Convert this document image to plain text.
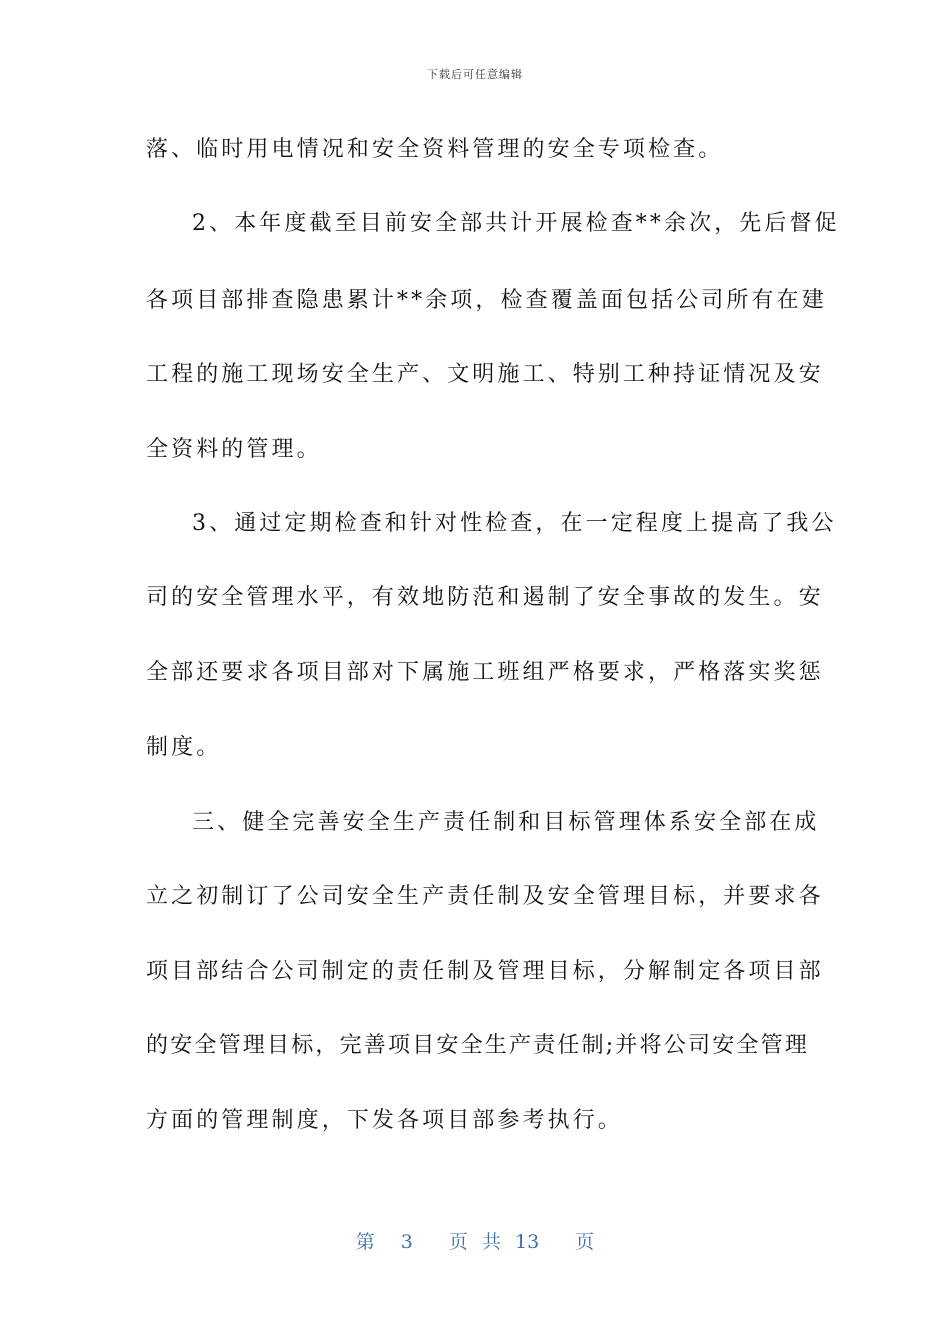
下载后可任意编辑
落、临时用电情况和安全资料管理的安全专项检查。
2、本年度截至目前安全部共计开展检查**余次，先后督促
各项目部排查隐患累计**余项，检查覆盖面包括公司所有在建
工程的施工现场安全生产、文明施工、特别工种持证情况及安
全资料的管理。
3、通过定期检查和针对性检查，在一定程度上提高了我公
司的安全管理水平，有效地防范和遏制了安全事故的发生。安
全部还要求各项目部对下属施工班组严格要求，严格落实奖惩
制度。
三、健全完善安全生产责任制和目标管理体系安全部在成
立之初制订了公司安全生产责任制及安全管理目标，并要求各
项目部结合公司制定的责任制及管理目标，分解制定各项目部
的安全管理目标，完善项目安全生产责任制;并将公司安全管理
方面的管理制度，下发各项目部参考执行。
第 3 页 共 13 页
